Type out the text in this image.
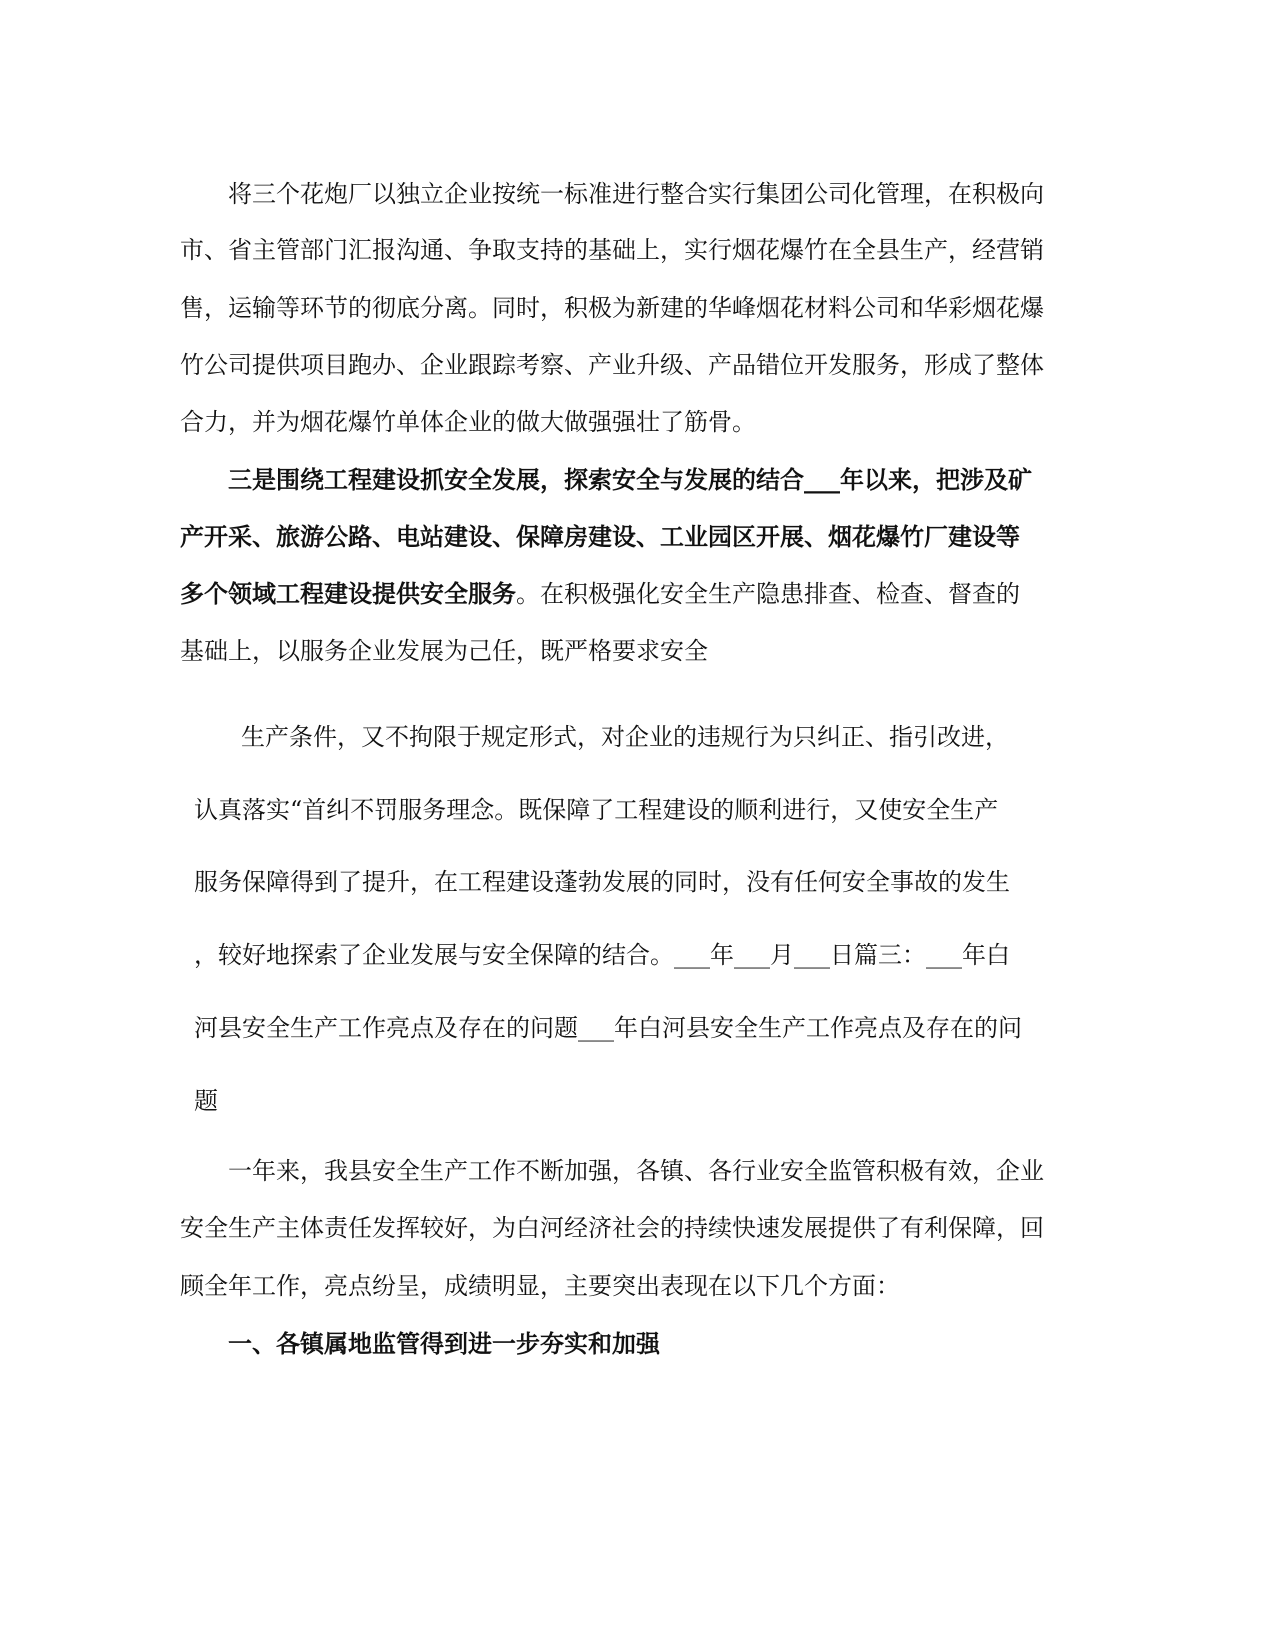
将三个花炮厂以独立企业按统一标准进行整合实行集团公司化管理，在积极向
市、省主管部门汇报沟通、争取支持的基础上，实行烟花爆竹在全县生产，经营销
售，运输等环节的彻底分离。同时，积极为新建的华峰烟花材料公司和华彩烟花爆
竹公司提供项目跑办、企业跟踪考察、产业升级、产品错位开发服务，形成了整体
合力，并为烟花爆竹单体企业的做大做强强壮了筋骨。
三是围绕工程建设抓安全发展，探索安全与发展的结合___年以来，把涉及矿
产开采、旅游公路、电站建设、保障房建设、工业园区开展、烟花爆竹厂建设等
多个领域工程建设提供安全服务。在积极强化安全生产隐患排查、检查、督查的
基础上，以服务企业发展为己任，既严格要求安全
生产条件，又不拘限于规定形式，对企业的违规行为只纠正、指引改进，
认真落实“首纠不罚服务理念。既保障了工程建设的顺利进行，又使安全生产
服务保障得到了提升，在工程建设蓬勃发展的同时，没有任何安全事故的发生
，较好地探索了企业发展与安全保障的结合。___年___月___日篇三：___年白
河县安全生产工作亮点及存在的问题___年白河县安全生产工作亮点及存在的问
题
一年来，我县安全生产工作不断加强，各镇、各行业安全监管积极有效，企业
安全生产主体责任发挥较好，为白河经济社会的持续快速发展提供了有利保障，回
顾全年工作，亮点纷呈，成绩明显，主要突出表现在以下几个方面：
一、各镇属地监管得到进一步夯实和加强
